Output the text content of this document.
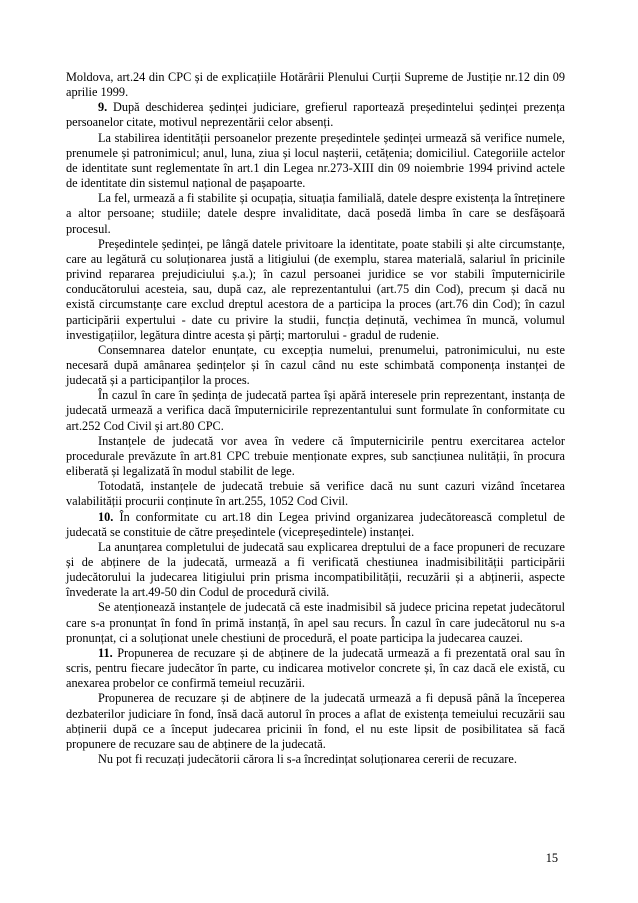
Moldova, art.24 din CPC și de explicațiile Hotărârii Plenului Curții Supreme de Justiție nr.12 din 09 aprilie 1999.

9. După deschiderea ședinței judiciare, grefierul raportează președintelui ședinței prezența persoanelor citate, motivul neprezentării celor absenți.

La stabilirea identității persoanelor prezente președintele ședinței urmează să verifice numele, prenumele și patronimicul; anul, luna, ziua și locul nașterii, cetățenia; domiciliul. Categoriile actelor de identitate sunt reglementate în art.1 din Legea nr.273-XIII din 09 noiembrie 1994 privind actele de identitate din sistemul național de pașapoarte.

La fel, urmează a fi stabilite și ocupația, situația familială, datele despre existența la întreținere a altor persoane; studiile; datele despre invaliditate, dacă posedă limba în care se desfășoară procesul.

Președintele ședinței, pe lângă datele privitoare la identitate, poate stabili și alte circumstanțe, care au legătură cu soluționarea justă a litigiului (de exemplu, starea materială, salariul în pricinile privind repararea prejudiciului ș.a.); în cazul persoanei juridice se vor stabili împuternicirile conducătorului acesteia, sau, după caz, ale reprezentantului (art.75 din Cod), precum și dacă nu există circumstanțe care exclud dreptul acestora de a participa la proces (art.76 din Cod); în cazul participării expertului - date cu privire la studii, funcția deținută, vechimea în muncă, volumul investigațiilor, legătura dintre acesta și părți; martorului - gradul de rudenie.

Consemnarea datelor enunțate, cu excepția numelui, prenumelui, patronimicului, nu este necesară după amânarea ședințelor și în cazul când nu este schimbată componența instanței de judecată și a participanților la proces.

În cazul în care în ședința de judecată partea își apără interesele prin reprezentant, instanța de judecată urmează a verifica dacă împuternicirile reprezentantului sunt formulate în conformitate cu art.252 Cod Civil și art.80 CPC.

Instanțele de judecată vor avea în vedere că împuternicirile pentru exercitarea actelor procedurale prevăzute în art.81 CPC trebuie menționate expres, sub sancțiunea nulității, în procura eliberată și legalizată în modul stabilit de lege.

Totodată, instanțele de judecată trebuie să verifice dacă nu sunt cazuri vizând încetarea valabilității procurii conținute în art.255, 1052 Cod Civil.

10. În conformitate cu art.18 din Legea privind organizarea judecătorească completul de judecată se constituie de către președintele (vicepreședintele) instanței.

La anunțarea completului de judecată sau explicarea dreptului de a face propuneri de recuzare și de abținere de la judecată, urmează a fi verificată chestiunea inadmisibilității participării judecătorului la judecarea litigiului prin prisma incompatibilității, recuzării și a abținerii, aspecte învederate la art.49-50 din Codul de procedură civilă.

Se atenționează instanțele de judecată că este inadmisibil să judece pricina repetat judecătorul care s-a pronunțat în fond în primă instanță, în apel sau recurs. În cazul în care judecătorul nu s-a pronunțat, ci a soluționat unele chestiuni de procedură, el poate participa la judecarea cauzei.

11. Propunerea de recuzare și de abținere de la judecată urmează a fi prezentată oral sau în scris, pentru fiecare judecător în parte, cu indicarea motivelor concrete și, în caz dacă ele există, cu anexarea probelor ce confirmă temeiul recuzării.

Propunerea de recuzare și de abținere de la judecată urmează a fi depusă până la începerea dezbaterilor judiciare în fond, însă dacă autorul în proces a aflat de existența temeiului recuzării sau abținerii după ce a început judecarea pricinii în fond, el nu este lipsit de posibilitatea să facă propunere de recuzare sau de abținere de la judecată.

Nu pot fi recuzați judecătorii cărora li s-a încredințat soluționarea cererii de recuzare.

15
